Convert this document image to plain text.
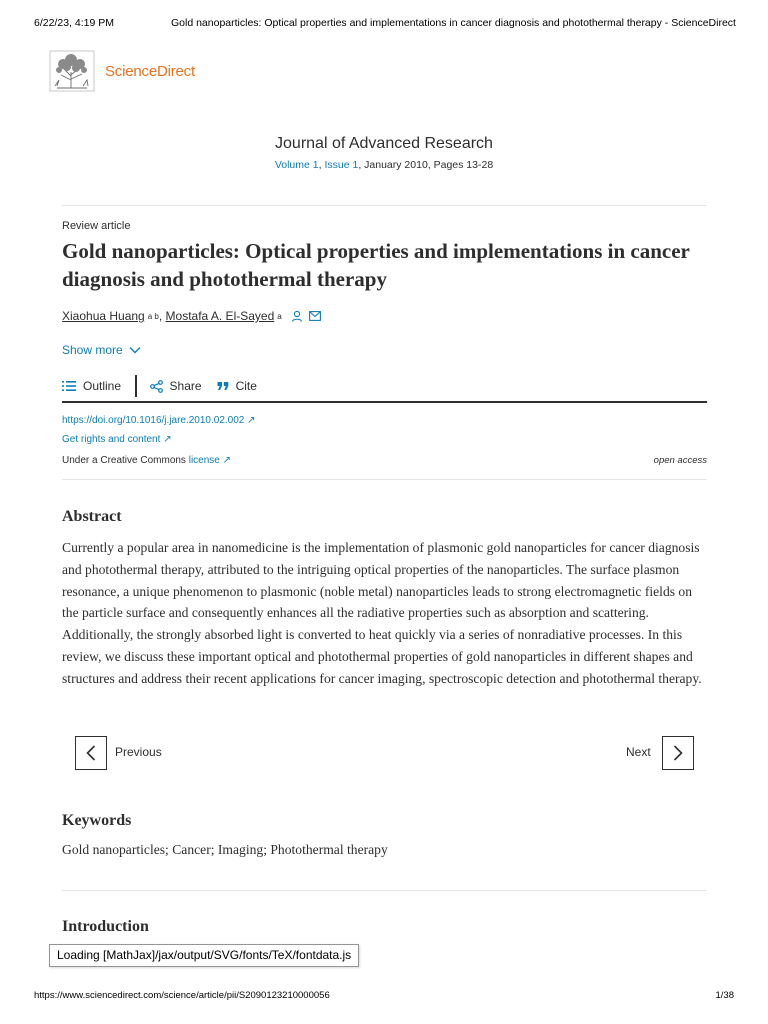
6/22/23, 4:19 PM	Gold nanoparticles: Optical properties and implementations in cancer diagnosis and photothermal therapy - ScienceDirect
ScienceDirect
Journal of Advanced Research
Volume 1, Issue 1, January 2010, Pages 13-28
Review article
Gold nanoparticles: Optical properties and implementations in cancer diagnosis and photothermal therapy
Xiaohua Huang a b , Mostafa A. El-Sayed a
Show more
Outline	Share	Cite
https://doi.org/10.1016/j.jare.2010.02.002 ↗
Get rights and content ↗
Under a Creative Commons license ↗	open access
Abstract

Currently a popular area in nanomedicine is the implementation of plasmonic gold nanoparticles for cancer diagnosis and photothermal therapy, attributed to the intriguing optical properties of the nanoparticles. The surface plasmon resonance, a unique phenomenon to plasmonic (noble metal) nanoparticles leads to strong electromagnetic fields on the particle surface and consequently enhances all the radiative properties such as absorption and scattering. Additionally, the strongly absorbed light is converted to heat quickly via a series of nonradiative processes. In this review, we discuss these important optical and photothermal properties of gold nanoparticles in different shapes and structures and address their recent applications for cancer imaging, spectroscopic detection and photothermal therapy.

Previous	Next
Keywords
Gold nanoparticles; Cancer; Imaging; Photothermal therapy
Introduction
Loading [MathJax]/jax/output/SVG/fonts/TeX/fontdata.js
https://www.sciencedirect.com/science/article/pii/S2090123210000056	1/38
